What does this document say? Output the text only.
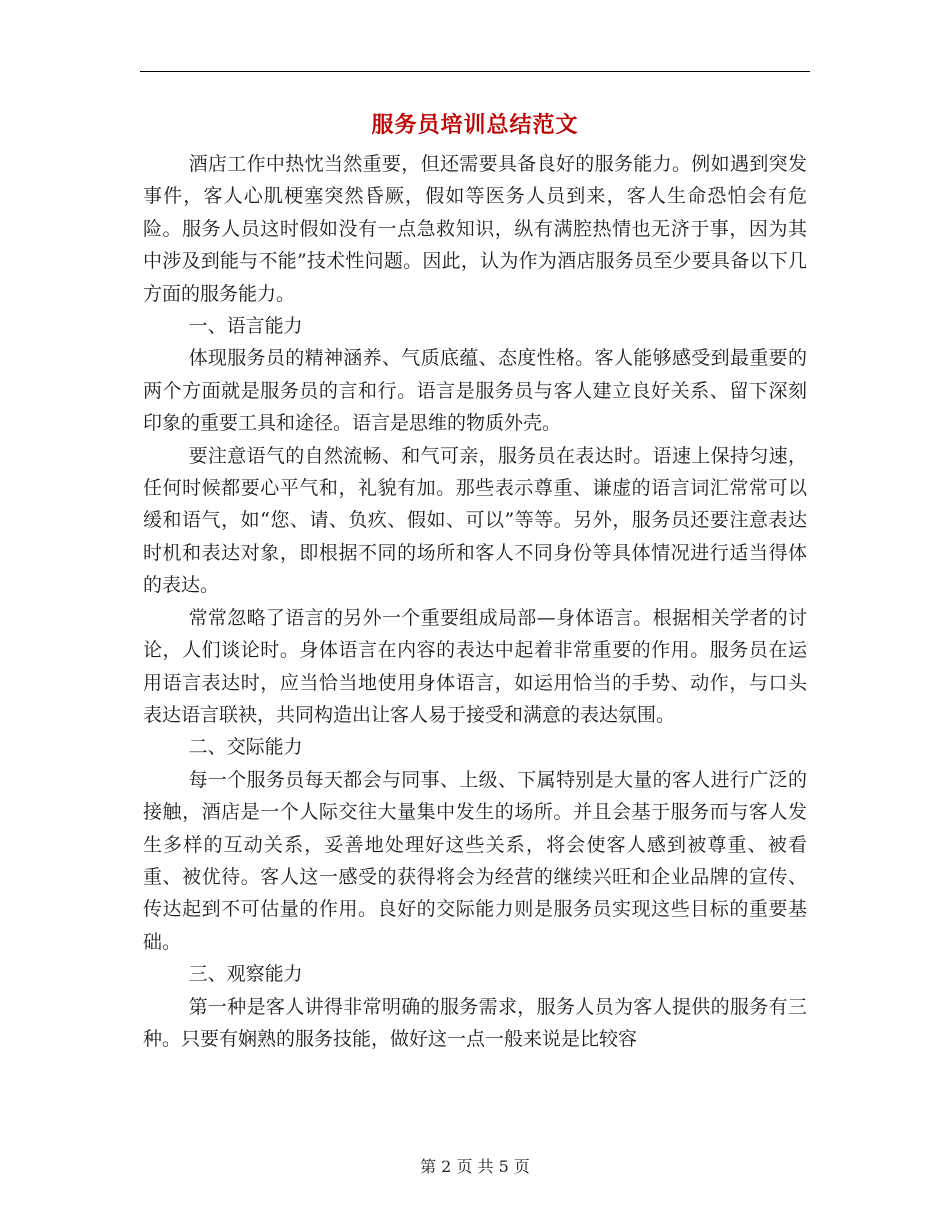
服务员培训总结范文

酒店工作中热忱当然重要，但还需要具备良好的服务能力。例如遇到突发事件，客人心肌梗塞突然昏厥，假如等医务人员到来，客人生命恐怕会有危险。服务人员这时假如没有一点急救知识，纵有满腔热情也无济于事，因为其中涉及到能与不能”技术性问题。因此，认为作为酒店服务员至少要具备以下几方面的服务能力。

一、语言能力

体现服务员的精神涵养、气质底蕴、态度性格。客人能够感受到最重要的两个方面就是服务员的言和行。语言是服务员与客人建立良好关系、留下深刻印象的重要工具和途径。语言是思维的物质外壳。

要注意语气的自然流畅、和气可亲，服务员在表达时。语速上保持匀速，任何时候都要心平气和，礼貌有加。那些表示尊重、谦虚的语言词汇常常可以缓和语气，如“您、请、负疚、假如、可以”等等。另外，服务员还要注意表达时机和表达对象，即根据不同的场所和客人不同身份等具体情况进行适当得体的表达。

常常忽略了语言的另外一个重要组成局部—身体语言。根据相关学者的讨论，人们谈论时。身体语言在内容的表达中起着非常重要的作用。服务员在运用语言表达时，应当恰当地使用身体语言，如运用恰当的手势、动作，与口头表达语言联袂，共同构造出让客人易于接受和满意的表达氛围。

二、交际能力

每一个服务员每天都会与同事、上级、下属特别是大量的客人进行广泛的接触，酒店是一个人际交往大量集中发生的场所。并且会基于服务而与客人发生多样的互动关系，妥善地处理好这些关系，将会使客人感到被尊重、被看重、被优待。客人这一感受的获得将会为经营的继续兴旺和企业品牌的宣传、传达起到不可估量的作用。良好的交际能力则是服务员实现这些目标的重要基础。

三、观察能力

第一种是客人讲得非常明确的服务需求，服务人员为客人提供的服务有三种。只要有娴熟的服务技能，做好这一点一般来说是比较容

第 2 页 共 5 页
